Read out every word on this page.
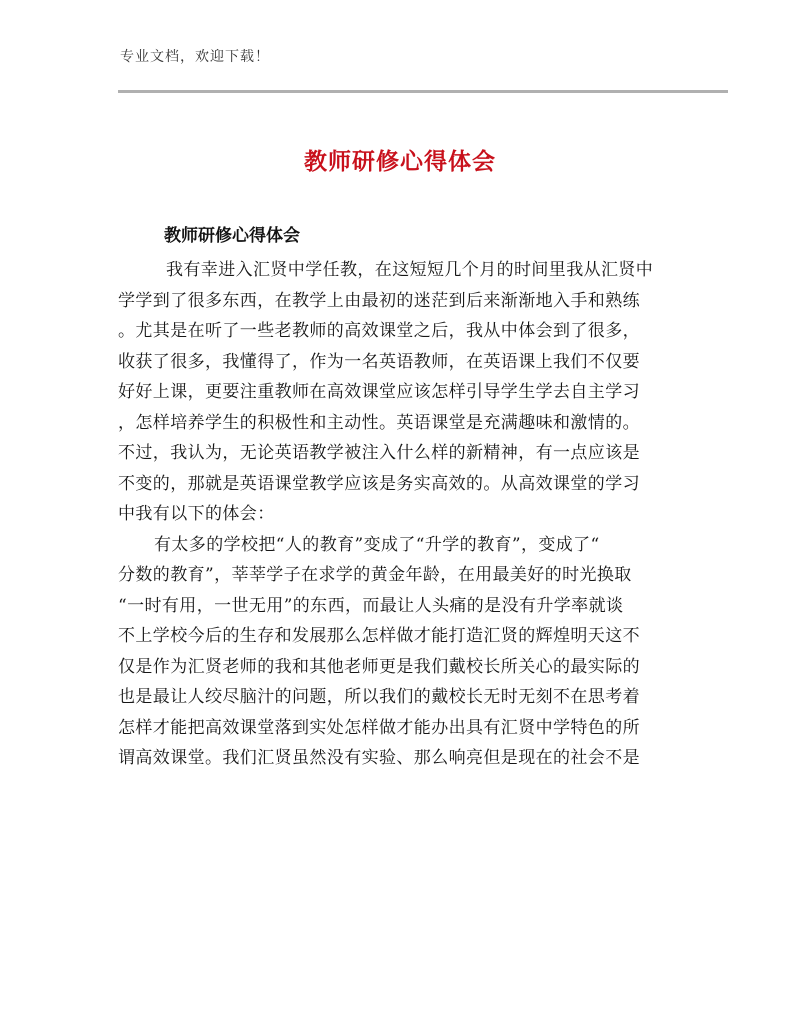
专业文档，欢迎下载！
教师研修心得体会
教师研修心得体会
我有幸进入汇贤中学任教，在这短短几个月的时间里我从汇贤中
学学到了很多东西，在教学上由最初的迷茫到后来渐渐地入手和熟练
。尤其是在听了一些老教师的高效课堂之后，我从中体会到了很多，
收获了很多，我懂得了，作为一名英语教师，在英语课上我们不仅要
好好上课，更要注重教师在高效课堂应该怎样引导学生学去自主学习
，怎样培养学生的积极性和主动性。英语课堂是充满趣味和激情的。
不过，我认为，无论英语教学被注入什么样的新精神，有一点应该是
不变的，那就是英语课堂教学应该是务实高效的。从高效课堂的学习
中我有以下的体会：
有太多的学校把“人的教育”变成了“升学的教育”，变成了“
分数的教育”，莘莘学子在求学的黄金年龄，在用最美好的时光换取
“一时有用，一世无用”的东西，而最让人头痛的是没有升学率就谈
不上学校今后的生存和发展那么怎样做才能打造汇贤的辉煌明天这不
仅是作为汇贤老师的我和其他老师更是我们戴校长所关心的最实际的
也是最让人绞尽脑汁的问题，所以我们的戴校长无时无刻不在思考着
怎样才能把高效课堂落到实处怎样做才能办出具有汇贤中学特色的所
谓高效课堂。我们汇贤虽然没有实验、那么响亮但是现在的社会不是
